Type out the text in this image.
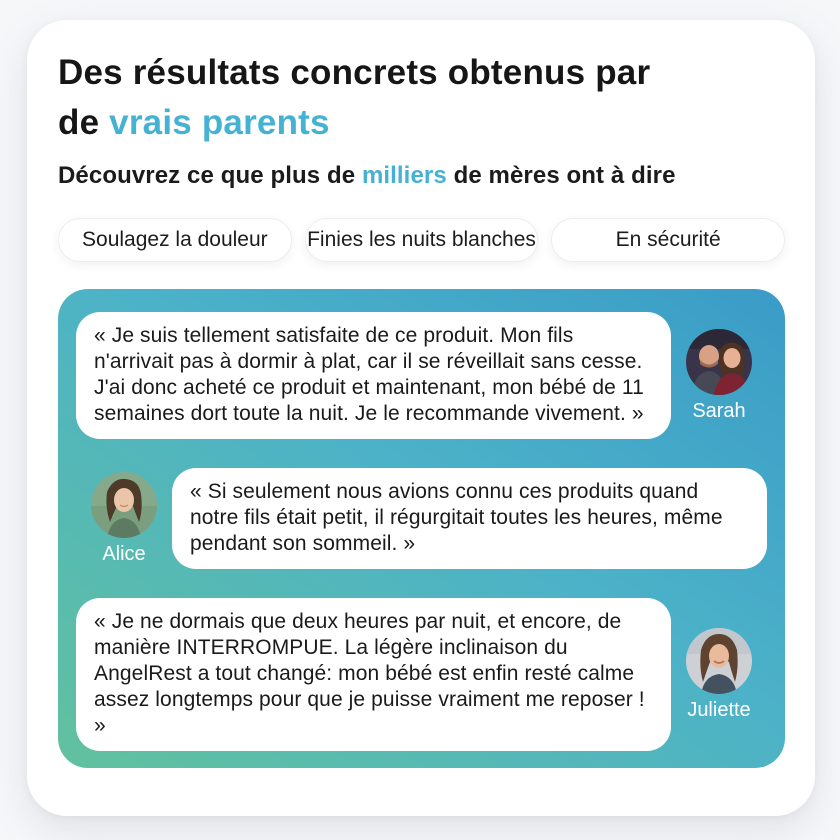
Des résultats concrets obtenus par
de vrais parents
Découvrez ce que plus de milliers de mères ont à dire
Soulagez la douleur Finies les nuits blanches	En sécurité
« Je suis tellement satisfaite de ce produit. Mon fils n'arrivait pas à dormir à plat, car il se réveillait sans cesse. J'ai donc acheté ce produit et maintenant, mon bébé de 11 semaines dort toute la nuit. Je le recommande vivement. »	Sarah
Alice
« Si seulement nous avions connu ces produits quand notre fils était petit, il régurgitait toutes les heures, même pendant son sommeil. »
« Je ne dormais que deux heures par nuit, et encore, de manière INTERROMPUE. La légère inclinaison du AngelRest a tout changé: mon bébé est enfin resté calme assez longtemps pour que je puisse vraiment me reposer ! »
Juliette
